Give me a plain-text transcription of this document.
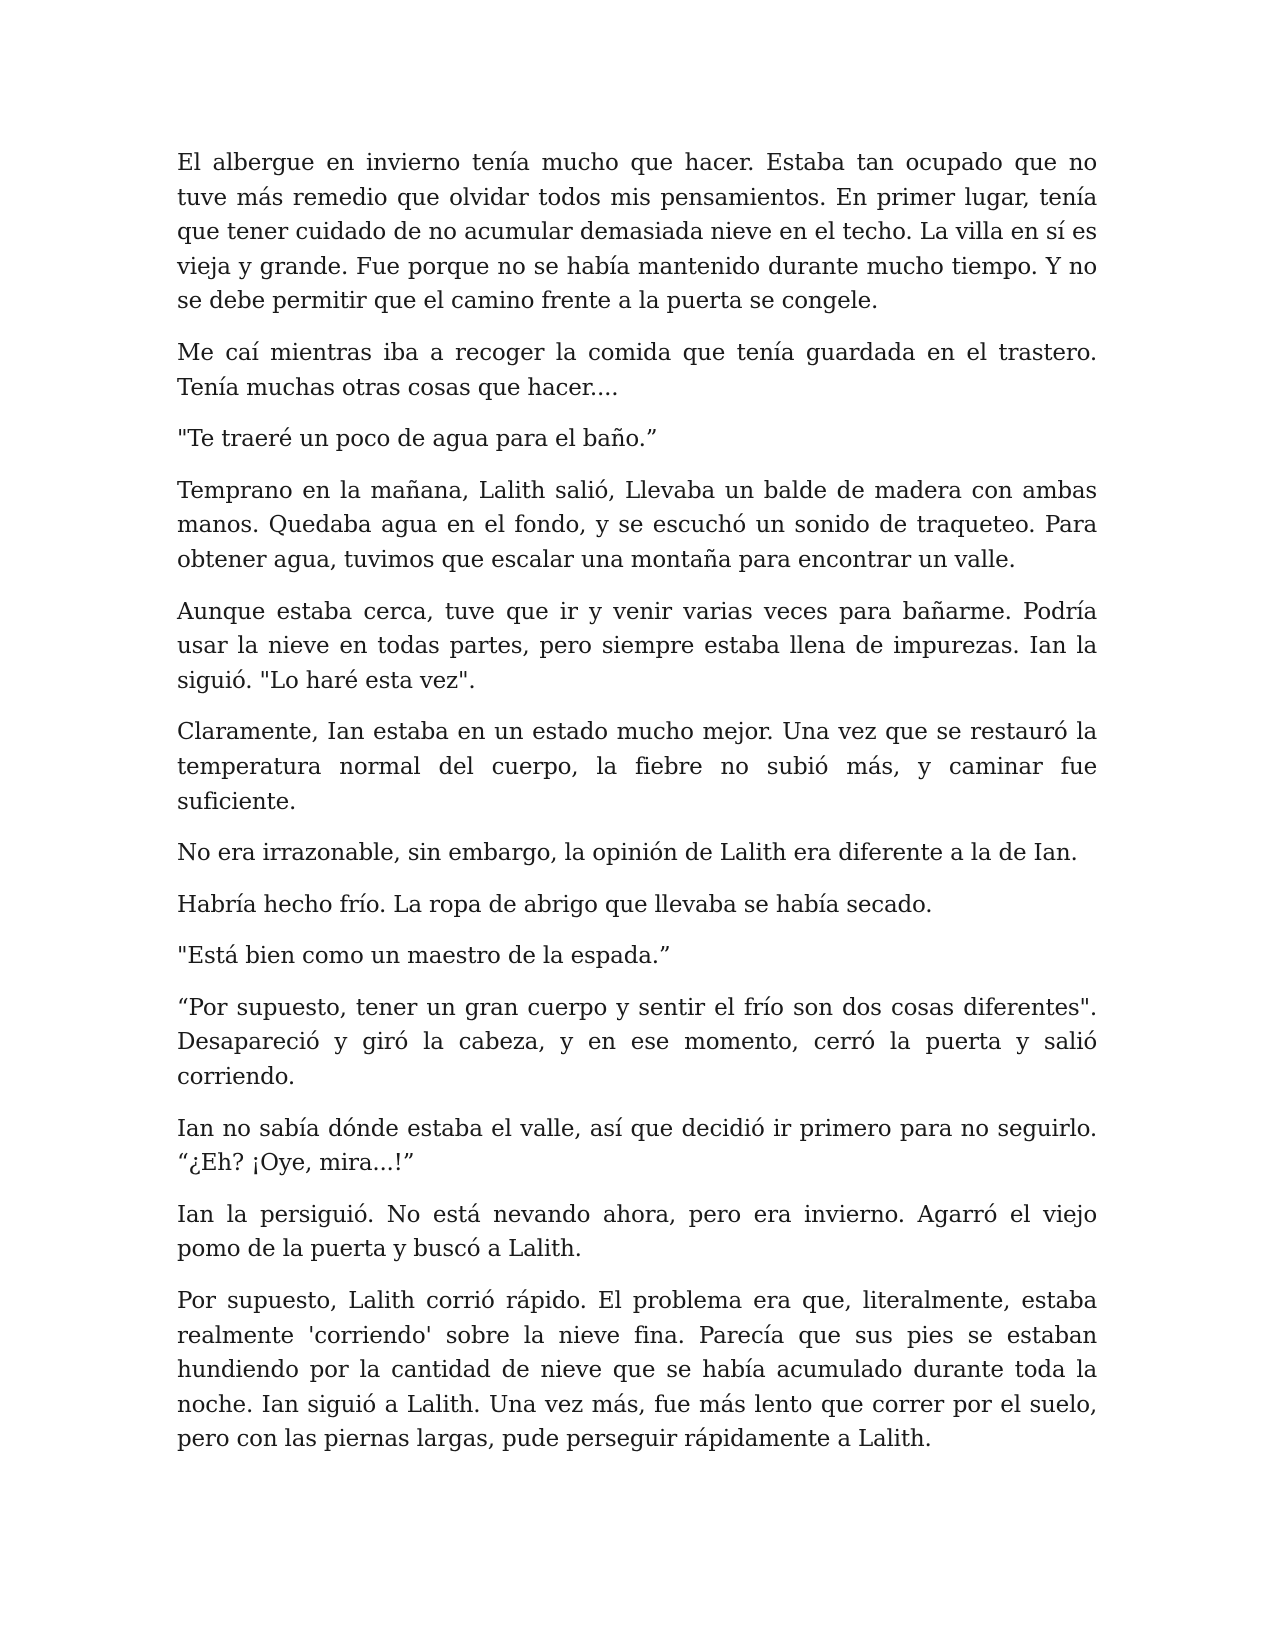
El albergue en invierno tenía mucho que hacer. Estaba tan ocupado que no tuve más remedio que olvidar todos mis pensamientos. En primer lugar, tenía que tener cuidado de no acumular demasiada nieve en el techo. La villa en sí es vieja y grande. Fue porque no se había mantenido durante mucho tiempo. Y no se debe permitir que el camino frente a la puerta se congele.

Me caí mientras iba a recoger la comida que tenía guardada en el trastero. Tenía muchas otras cosas que hacer....

"Te traeré un poco de agua para el baño.”

Temprano en la mañana, Lalith salió, Llevaba un balde de madera con ambas manos. Quedaba agua en el fondo, y se escuchó un sonido de traqueteo. Para obtener agua, tuvimos que escalar una montaña para encontrar un valle.

Aunque estaba cerca, tuve que ir y venir varias veces para bañarme. Podría usar la nieve en todas partes, pero siempre estaba llena de impurezas. Ian la siguió. "Lo haré esta vez".

Claramente, Ian estaba en un estado mucho mejor. Una vez que se restauró la temperatura normal del cuerpo, la fiebre no subió más, y caminar fue suficiente.

No era irrazonable, sin embargo, la opinión de Lalith era diferente a la de Ian.

Habría hecho frío. La ropa de abrigo que llevaba se había secado.

"Está bien como un maestro de la espada.”

“Por supuesto, tener un gran cuerpo y sentir el frío son dos cosas diferentes". Desapareció y giró la cabeza, y en ese momento, cerró la puerta y salió corriendo.

Ian no sabía dónde estaba el valle, así que decidió ir primero para no seguirlo. “¿Eh? ¡Oye, mira...!”

Ian la persiguió. No está nevando ahora, pero era invierno. Agarró el viejo pomo de la puerta y buscó a Lalith.

Por supuesto, Lalith corrió rápido. El problema era que, literalmente, estaba realmente 'corriendo' sobre la nieve fina. Parecía que sus pies se estaban hundiendo por la cantidad de nieve que se había acumulado durante toda la noche. Ian siguió a Lalith. Una vez más, fue más lento que correr por el suelo, pero con las piernas largas, pude perseguir rápidamente a Lalith.
